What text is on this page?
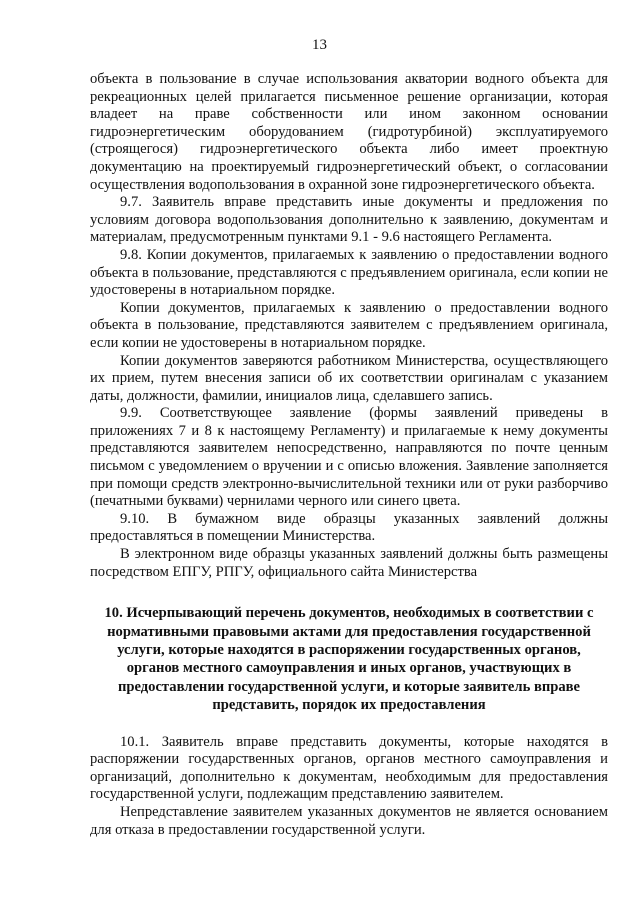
13

объекта в пользование в случае использования акватории водного объекта для рекреационных целей прилагается письменное решение организации, которая владеет на праве собственности или ином законном основании гидроэнергетическим оборудованием (гидротурбиной) эксплуатируемого (строящегося) гидроэнергетического объекта либо имеет проектную документацию на проектируемый гидроэнергетический объект, о согласовании осуществления водопользования в охранной зоне гидроэнергетического объекта.

9.7. Заявитель вправе представить иные документы и предложения по условиям договора водопользования дополнительно к заявлению, документам и материалам, предусмотренным пунктами 9.1 - 9.6 настоящего Регламента.

9.8. Копии документов, прилагаемых к заявлению о предоставлении водного объекта в пользование, представляются с предъявлением оригинала, если копии не удостоверены в нотариальном порядке.

Копии документов, прилагаемых к заявлению о предоставлении водного объекта в пользование, представляются заявителем с предъявлением оригинала, если копии не удостоверены в нотариальном порядке.

Копии документов заверяются работником Министерства, осуществляющего их прием, путем внесения записи об их соответствии оригиналам с указанием даты, должности, фамилии, инициалов лица, сделавшего запись.

9.9. Соответствующее заявление (формы заявлений приведены в приложениях 7 и 8 к настоящему Регламенту) и прилагаемые к нему документы представляются заявителем непосредственно, направляются по почте ценным письмом с уведомлением о вручении и с описью вложения. Заявление заполняется при помощи средств электронно-вычислительной техники или от руки разборчиво (печатными буквами) чернилами черного или синего цвета.

9.10. В бумажном виде образцы указанных заявлений должны предоставляться в помещении Министерства.

В электронном виде образцы указанных заявлений должны быть размещены посредством ЕПГУ, РПГУ, официального сайта Министерства

10. Исчерпывающий перечень документов, необходимых в соответствии с нормативными правовыми актами для предоставления государственной услуги, которые находятся в распоряжении государственных органов, органов местного самоуправления и иных органов, участвующих в предоставлении государственной услуги, и которые заявитель вправе представить, порядок их предоставления

10.1. Заявитель вправе представить документы, которые находятся в распоряжении государственных органов, органов местного самоуправления и организаций, дополнительно к документам, необходимым для предоставления государственной услуги, подлежащим представлению заявителем.

Непредставление заявителем указанных документов не является основанием для отказа в предоставлении государственной услуги.
